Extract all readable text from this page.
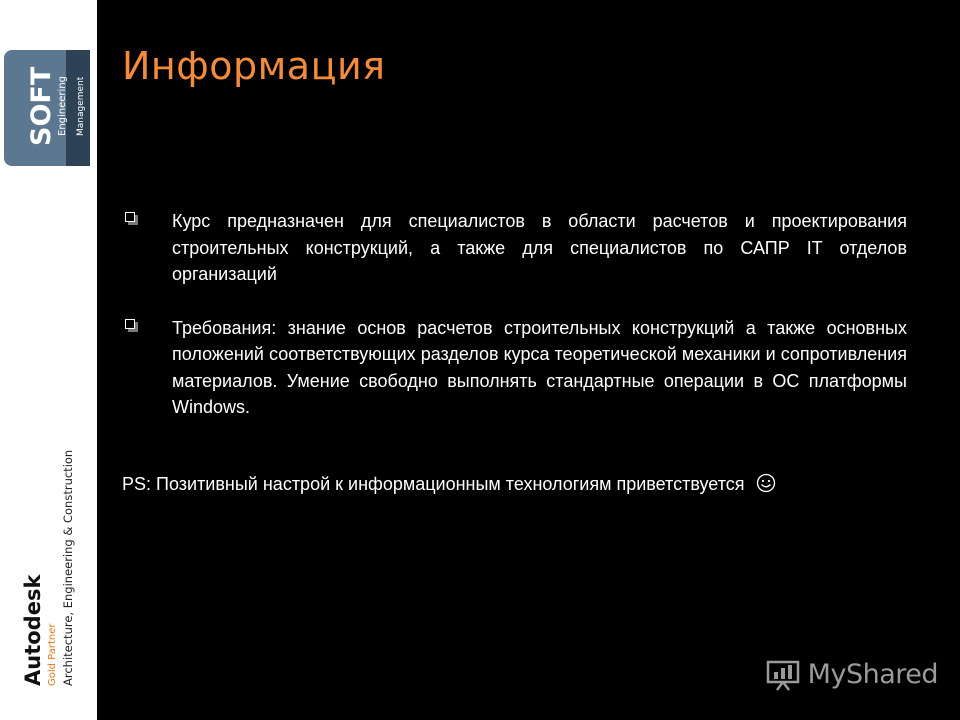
SOFT Engineering Management
Autodesk Gold Partner Architecture, Engineering & Construction
Информация
Курс предназначен для специалистов в области расчетов и проектирования строительных конструкций, а также для специалистов по САПР IT отделов организаций
Требования: знание основ расчетов строительных конструкций а также основных положений соответствующих разделов курса теоретической механики и сопротивления материалов. Умение свободно выполнять стандартные операции в ОС платформы Windows.
PS: Позитивный настрой к информационным технологиям приветствуется
MyShared
